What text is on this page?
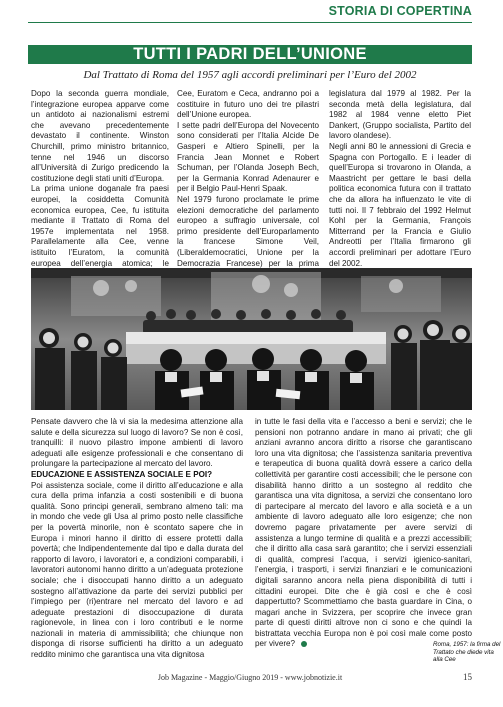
STORIA DI COPERTINA
TUTTI I PADRI DELL’UNIONE
Dal Trattato di Roma del 1957 agli accordi preliminari per l’Euro del 2002

Dopo la seconda guerra mondiale, l’integrazione europea apparve come un antidoto ai nazionalismi estremi che avevano precedentemente devastato il continente. Winston Churchill, primo ministro britannico, tenne nel 1946 un discorso all’Università di Zurigo predicendo la costituzione degli stati uniti d’Europa.

La prima unione doganale fra paesi europei, la cosiddetta Comunità economica europea, Cee, fu istituita mediante il Trattato di Roma del 1957e implementata nel 1958. Parallelamente alla Cee, venne istituito l’Euratom, la comunità europea dell’energia atomica; le

Cee, Euratom e Ceca, andranno poi a costituire in futuro uno dei tre pilastri dell’Unione europea.

I sette padri dell’Europa del Novecento sono considerati per l’Italia Alcide De Gasperi e Altiero Spinelli, per la Francia Jean Monnet e Robert Schuman, per l’Olanda Joseph Bech, per la Germania Konrad Adenaurer e per il Belgio Paul-Henri Spaak.

Nel 1979 furono proclamate le prime elezioni democratiche del parlamento europeo a suffragio universale, col primo presidente dell’Europarlamento la francese Simone Veil, (Liberaldemocratici, Unione per la Democrazia Francese) per la prima

legislatura dal 1979 al 1982. Per la seconda metà della legislatura, dal 1982 al 1984 venne eletto Piet Dankert, (Gruppo socialista, Partito del lavoro olandese).

Negli anni 80 le annessioni di Grecia e Spagna con Portogallo. E i leader di quell’Europa si trovarono in Olanda, a Maastricht per gettare le basi della politica economica futura con il trattato che da allora ha influenzato le vite di tutti noi. Il 7 febbraio del 1992 Helmut Kohl per la Germania, François Mitterrand per la Francia e Giulio Andreotti per l’Italia firmarono gli accordi preliminari per adottare l’Euro del 2002.

Roma, 1957: la firma del Trattato che diede vita alla Cee

Pensate davvero che là vi sia la medesima attenzione alla salute e della sicurezza sul luogo di lavoro? Se non è così, tranquilli: il nuovo pilastro impone ambienti di lavoro adeguati alle esigenze professionali e che consentano di prolungare la partecipazione al mercato del lavoro.

EDUCAZIONE E ASSISTENZA SOCIALE E POI?

Poi assistenza sociale, come il diritto all’educazione e alla cura della prima infanzia a costi sostenibili e di buona qualità. Sono principi generali, sembrano almeno tali: ma in mondo che vede gli Usa al primo posto nelle classifiche per la povertà minorile, non è scontato sapere che in Europa i minori hanno il diritto di essere protetti dalla povertà; che Indipendentemente dal tipo e dalla durata del rapporto di lavoro, i lavoratori e, a condizioni comparabili, i lavoratori autonomi hanno diritto a un’adeguata protezione sociale; che i disoccupati hanno diritto a un adeguato sostegno all’attivazione da parte dei servizi pubblici per l’impiego per (ri)entrare nel mercato del lavoro e ad adeguate prestazioni di disoccupazione di durata ragionevole, in linea con i loro contributi e le norme nazionali in materia di ammissibilità; che chiunque non disponga di risorse sufficienti ha diritto a un adeguato reddito minimo che garantisca una vita dignitosa

in tutte le fasi della vita e l’accesso a beni e servizi; che le pensioni non potranno andare in mano ai privati; che gli anziani avranno ancora diritto a risorse che garantiscano loro una vita dignitosa; che l’assistenza sanitaria preventiva e terapeutica di buona qualità dovrà essere a carico della collettività per garantire costi accessibili; che le persone con disabilità hanno diritto a un sostegno al reddito che garantisca una vita dignitosa, a servizi che consentano loro di partecipare al mercato del lavoro e alla società e a un ambiente di lavoro adeguato alle loro esigenze; che non dovremo pagare privatamente per avere servizi di assistenza a lungo termine di qualità e a prezzi accessibili; che il diritto alla casa sarà garantito; che i servizi essenziali di qualità, compresi l’acqua, i servizi igienico-sanitari, l’energia, i trasporti, i servizi finanziari e le comunicazioni digitali saranno ancora nella piena disponibilità di tutti i cittadini europei. Dite che è già così e che è così dappertutto? Scommettiamo che basta guardare in Cina, o magari anche in Svizzera, per scoprire che invece gran parte di questi diritti altrove non ci sono e che quindi la bistrattata vecchia Europa non è poi così male come posto per vivere?

Job Magazine - Maggio/Giugno 2019 - www.jobnotizie.it	15
